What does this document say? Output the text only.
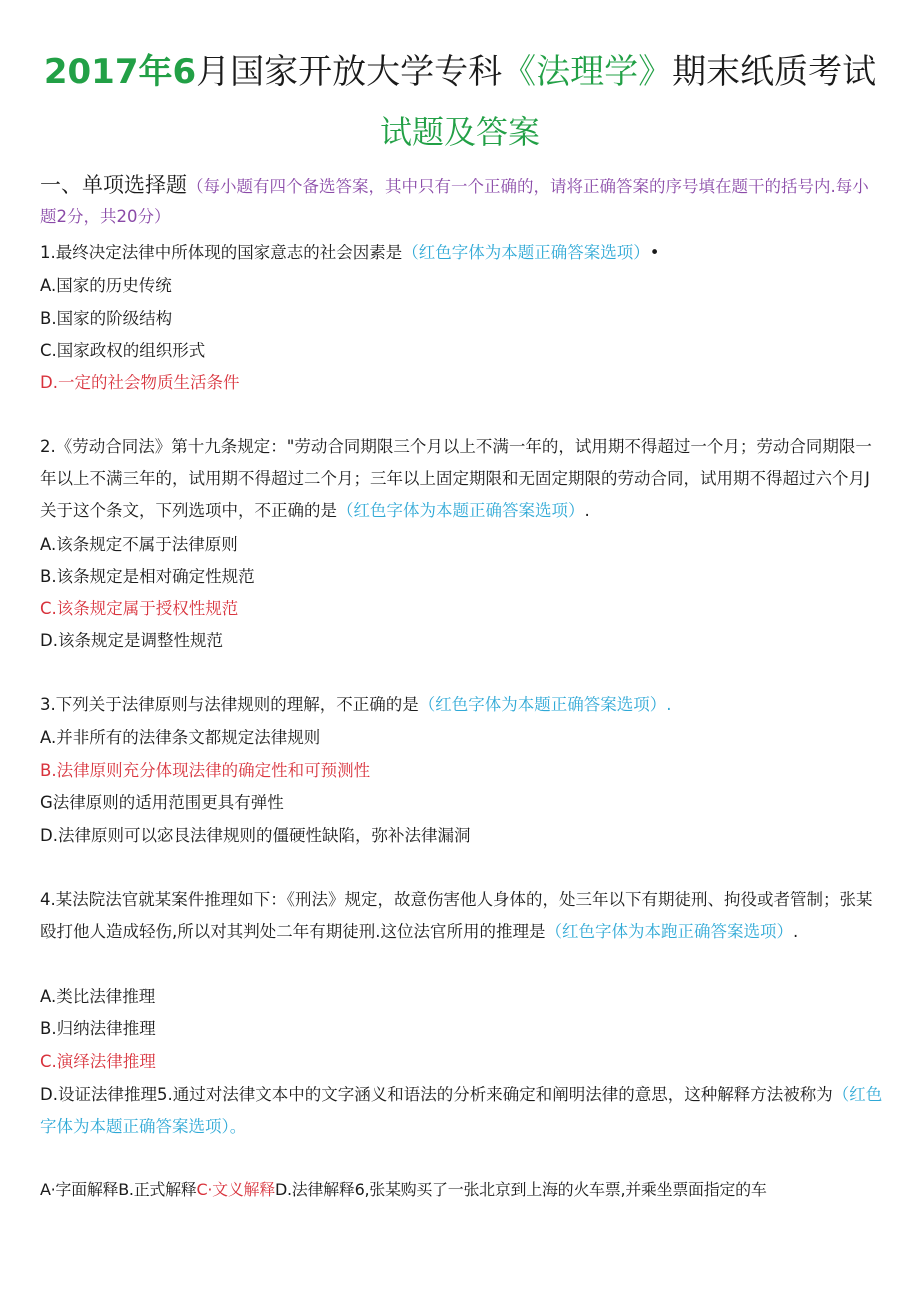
2017年6月国家开放大学专科《法理学》期末纸质考试
试题及答案
一、单项选择题（每小题有四个备选答案，其中只有一个正确的，请将正确答案的序号填在题干的括号内.每小题2分，共20分）
1.最终决定法律中所体现的国家意志的社会因素是（红色字体为本题正确答案选项）•
A.国家的历史传统
B.国家的阶级结构
C.国家政权的组织形式
D.一定的社会物质生活条件
2.《劳动合同法》第十九条规定："劳动合同期限三个月以上不满一年的，试用期不得超过一个月；劳动合同期限一年以上不满三年的，试用期不得超过二个月；三年以上固定期限和无固定期限的劳动合同，试用期不得超过六个月J关于这个条文，下列选项中，不正确的是（红色字体为本题正确答案选项）.
A.该条规定不属于法律原则
B.该条规定是相对确定性规范
C.该条规定属于授权性规范
D.该条规定是调整性规范
3.下列关于法律原则与法律规则的理解，不正确的是（红色字体为本题正确答案选项）.
A.并非所有的法律条文都规定法律规则
B.法律原则充分体现法律的确定性和可预测性
G法律原则的适用范围更具有弹性
D.法律原则可以宓艮法律规则的僵硬性缺陷，弥补法律漏洞
4.某法院法官就某案件推理如下：《刑法》规定，故意伤害他人身体的，处三年以下有期徒刑、拘役或者管制；张某殴打他人造成轻伤,所以对其判处二年有期徒刑.这位法官所用的推理是（红色字体为本跑正确答案选项）.
A.类比法律推理
B.归纳法律推理
C.演绎法律推理
D.设证法律推理5.通过对法律文本中的文字涵义和语法的分析来确定和阐明法律的意思，这种解释方法被称为（红色字体为本题正确答案选项）。
A·字面解释B.正式解释C·文义解释D.法律解释6,张某购买了一张北京到上海的火车票,并乘坐票面指定的车
